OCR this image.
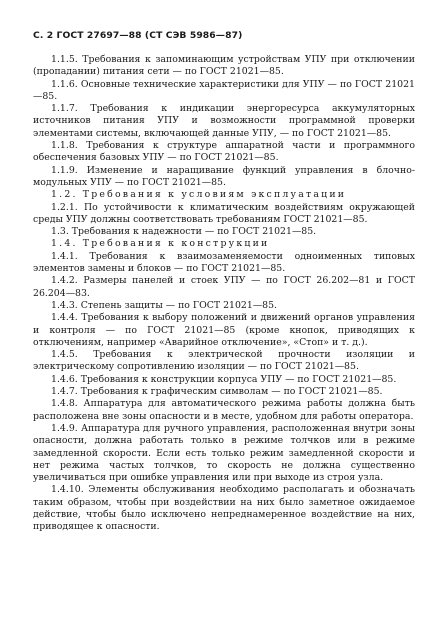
С. 2 ГОСТ 27697—88 (СТ СЭВ 5986—87)

1.1.5. Требования к запоминающим устройствам УПУ при отключении (пропадании) питания сети — по ГОСТ 21021—85.

1.1.6. Основные технические характеристики для УПУ — по ГОСТ 21021—85.

1.1.7. Требования к индикации энергоресурса аккумуляторных источников питания УПУ и возможности программной проверки элементами системы, включающей данные УПУ, — по ГОСТ 21021—85.

1.1.8. Требования к структуре аппаратной части и программного обеспечения базовых УПУ — по ГОСТ 21021—85.

1.1.9. Изменение и наращивание функций управления в блочно-модульных УПУ — по ГОСТ 21021—85.

1.2. Требования к условиям эксплуатации

1.2.1. По устойчивости к климатическим воздействиям окружающей среды УПУ должны соответствовать требованиям ГОСТ 21021—85.

1.3. Требования к надежности — по ГОСТ 21021—85.

1.4. Требования к конструкции

1.4.1. Требования к взаимозаменяемости одноименных типовых элементов замены и блоков — по ГОСТ 21021—85.

1.4.2. Размеры панелей и стоек УПУ — по ГОСТ 26.202—81 и ГОСТ 26.204—83.

1.4.3. Степень защиты — по ГОСТ 21021—85.

1.4.4. Требования к выбору положений и движений органов управления и контроля — по ГОСТ 21021—85 (кроме кнопок, приводящих к отключениям, например «Аварийное отключение», «Стоп» и т. д.).

1.4.5. Требования к электрической прочности изоляции и электрическому сопротивлению изоляции — по ГОСТ 21021—85.

1.4.6. Требования к конструкции корпуса УПУ — по ГОСТ 21021—85.

1.4.7. Требования к графическим символам — по ГОСТ 21021—85.

1.4.8. Аппаратура для автоматического режима работы должна быть расположена вне зоны опасности и в месте, удобном для работы оператора.

1.4.9. Аппаратура для ручного управления, расположенная внутри зоны опасности, должна работать только в режиме толчков или в режиме замедленной скорости. Если есть только режим замедленной скорости и нет режима частых толчков, то скорость не должна существенно увеличиваться при ошибке управления или при выходе из строя узла.

1.4.10. Элементы обслуживания необходимо располагать и обозначать таким образом, чтобы при воздействии на них было заметное ожидаемое действие, чтобы было исключено непреднамеренное воздействие на них, приводящее к опасности.
